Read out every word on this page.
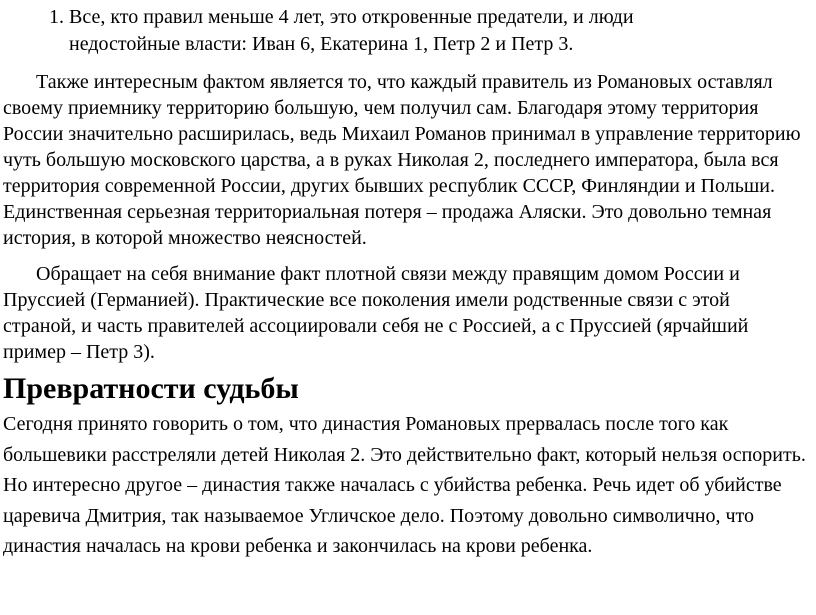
1. Все, кто правил меньше 4 лет, это откровенные предатели, и люди недостойные власти: Иван 6, Екатерина 1, Петр 2 и Петр 3.

Также интересным фактом является то, что каждый правитель из Романовых оставлял своему приемнику территорию большую, чем получил сам. Благодаря этому территория России значительно расширилась, ведь Михаил Романов принимал в управление территорию чуть большую московского царства, а в руках Николая 2, последнего императора, была вся территория современной России, других бывших республик СССР, Финляндии и Польши. Единственная серьезная территориальная потеря – продажа Аляски. Это довольно темная история, в которой множество неясностей.

Обращает на себя внимание факт плотной связи между правящим домом России и Пруссией (Германией). Практические все поколения имели родственные связи с этой страной, и часть правителей ассоциировали себя не с Россией, а с Пруссией (ярчайший пример – Петр 3).

Превратности судьбы

Сегодня принято говорить о том, что династия Романовых прервалась после того как большевики расстреляли детей Николая 2. Это действительно факт, который нельзя оспорить. Но интересно другое – династия также началась с убийства ребенка. Речь идет об убийстве царевича Дмитрия, так называемое Угличское дело. Поэтому довольно символично, что династия началась на крови ребенка и закончилась на крови ребенка.
